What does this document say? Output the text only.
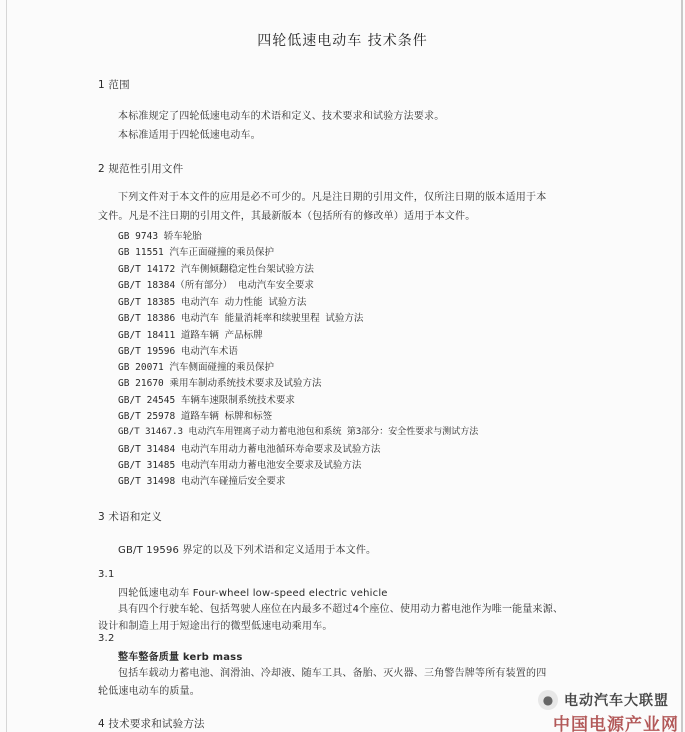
四轮低速电动车 技术条件
1 范围
本标准规定了四轮低速电动车的术语和定义、技术要求和试验方法要求。
本标准适用于四轮低速电动车。
2 规范性引用文件
下列文件对于本文件的应用是必不可少的。凡是注日期的引用文件，仅所注日期的版本适用于本
文件。凡是不注日期的引用文件，其最新版本（包括所有的修改单）适用于本文件。
GB 9743 轿车轮胎
GB 11551 汽车正面碰撞的乘员保护
GB/T 14172 汽车侧倾翻稳定性台架试验方法
GB/T 18384（所有部分） 电动汽车安全要求
GB/T 18385 电动汽车 动力性能 试验方法
GB/T 18386 电动汽车 能量消耗率和续驶里程 试验方法
GB/T 18411 道路车辆 产品标牌
GB/T 19596 电动汽车术语
GB 20071 汽车侧面碰撞的乘员保护
GB 21670 乘用车制动系统技术要求及试验方法
GB/T 24545 车辆车速限制系统技术要求
GB/T 25978 道路车辆 标牌和标签
GB/T 31467.3 电动汽车用锂离子动力蓄电池包和系统 第3部分：安全性要求与测试方法
GB/T 31484 电动汽车用动力蓄电池循环寿命要求及试验方法
GB/T 31485 电动汽车用动力蓄电池安全要求及试验方法
GB/T 31498 电动汽车碰撞后安全要求
3 术语和定义
GB/T 19596 界定的以及下列术语和定义适用于本文件。
3.1
四轮低速电动车 Four-wheel low-speed electric vehicle
具有四个行驶车轮、包括驾驶人座位在内最多不超过4个座位、使用动力蓄电池作为唯一能量来源、
设计和制造上用于短途出行的微型低速电动乘用车。
3.2
整车整备质量 kerb mass
包括车载动力蓄电池、润滑油、冷却液、随车工具、备胎、灭火器、三角警告牌等所有装置的四
轮低速电动车的质量。
4 技术要求和试验方法
● 电动汽车大联盟
中国电源产业网
